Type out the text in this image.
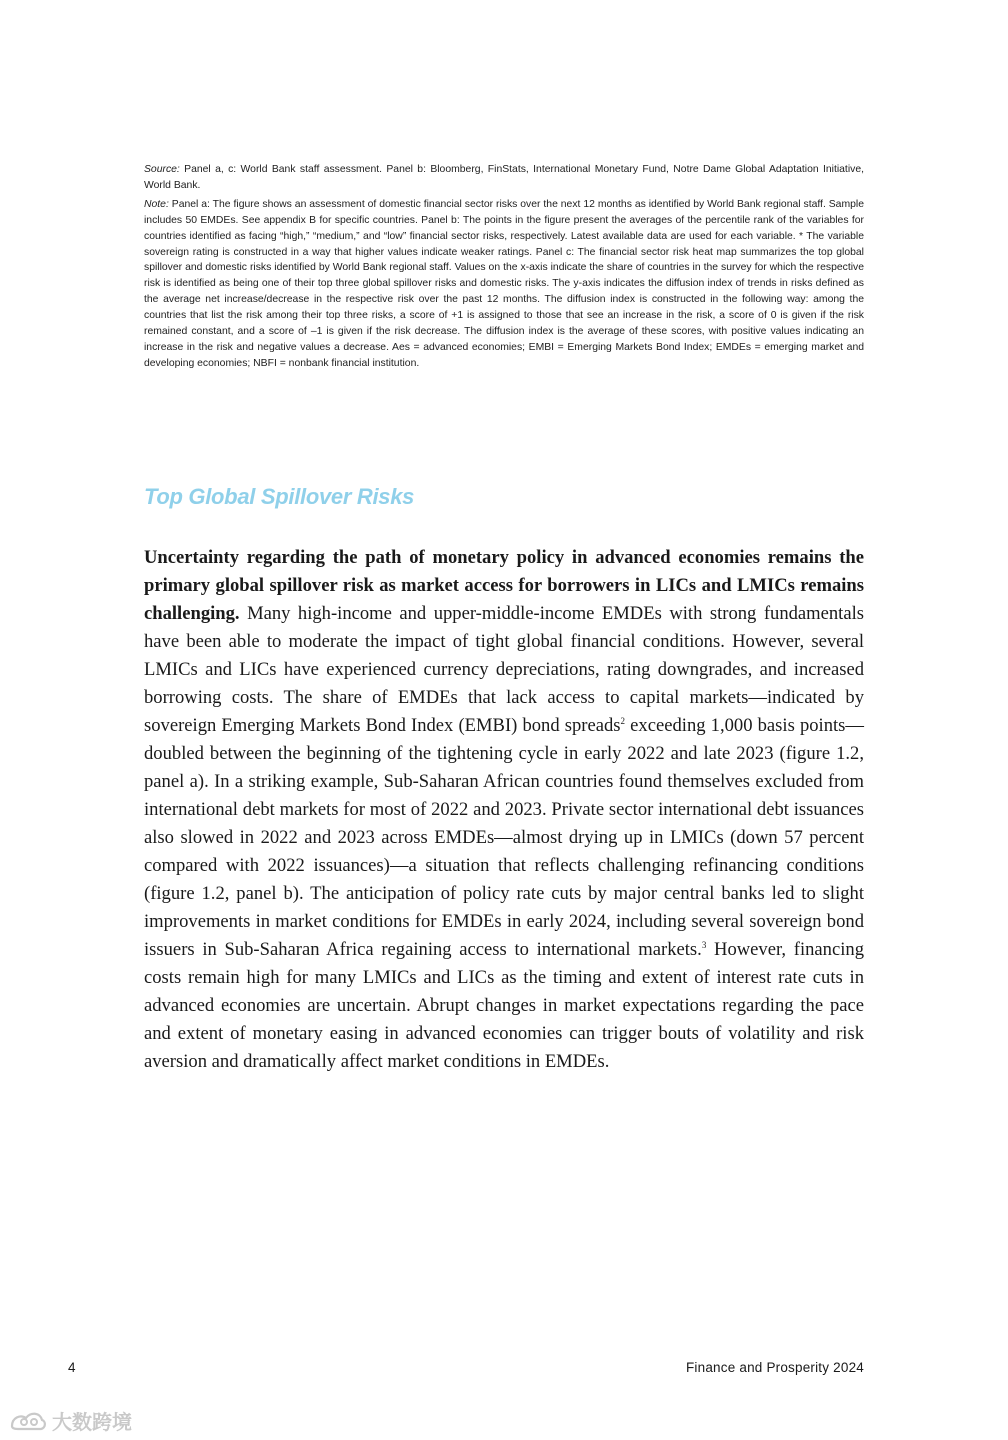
Source: Panel a, c: World Bank staff assessment. Panel b: Bloomberg, FinStats, International Monetary Fund, Notre Dame Global Adaptation Initiative, World Bank.

Note: Panel a: The figure shows an assessment of domestic financial sector risks over the next 12 months as identified by World Bank regional staff. Sample includes 50 EMDEs. See appendix B for specific countries. Panel b: The points in the figure present the averages of the percentile rank of the variables for countries identified as facing “high,” “medium,” and “low” financial sector risks, respectively. Latest available data are used for each variable. * The variable sovereign rating is constructed in a way that higher values indicate weaker ratings. Panel c: The financial sector risk heat map summarizes the top global spillover and domestic risks identified by World Bank regional staff. Values on the x-axis indicate the share of countries in the survey for which the respective risk is identified as being one of their top three global spillover risks and domestic risks. The y-axis indicates the diffusion index of trends in risks defined as the average net increase/decrease in the respective risk over the past 12 months. The diffusion index is constructed in the following way: among the countries that list the risk among their top three risks, a score of +1 is assigned to those that see an increase in the risk, a score of 0 is given if the risk remained constant, and a score of –1 is given if the risk decrease. The diffusion index is the average of these scores, with positive values indicating an increase in the risk and negative values a decrease. Aes = advanced economies; EMBI = Emerging Markets Bond Index; EMDEs = emerging market and developing economies; NBFI = nonbank financial institution.

Top Global Spillover Risks

Uncertainty regarding the path of monetary policy in advanced economies remains the primary global spillover risk as market access for borrowers in LICs and LMICs remains challenging. Many high-income and upper-middle-income EMDEs with strong fundamentals have been able to moderate the impact of tight global financial conditions. However, several LMICs and LICs have experienced currency depreciations, rating downgrades, and increased borrowing costs. The share of EMDEs that lack access to capital markets—indicated by sovereign Emerging Markets Bond Index (EMBI) bond spreads$^2$ exceeding 1,000 basis points—doubled between the beginning of the tightening cycle in early 2022 and late 2023 (figure 1.2, panel a). In a striking example, Sub-Saharan African countries found themselves excluded from international debt markets for most of 2022 and 2023. Private sector international debt issuances also slowed in 2022 and 2023 across EMDEs—almost drying up in LMICs (down 57 percent compared with 2022 issuances)—a situation that reflects challenging refinancing conditions (figure 1.2, panel b). The anticipation of policy rate cuts by major central banks led to slight improvements in market conditions for EMDEs in early 2024, including several sovereign bond issuers in Sub-Saharan Africa regaining access to international markets.$^3$ However, financing costs remain high for many LMICs and LICs as the timing and extent of interest rate cuts in advanced economies are uncertain. Abrupt changes in market expectations regarding the pace and extent of monetary easing in advanced economies can trigger bouts of volatility and risk aversion and dramatically affect market conditions in EMDEs.

4	Finance and Prosperity 2024
大数跨境
